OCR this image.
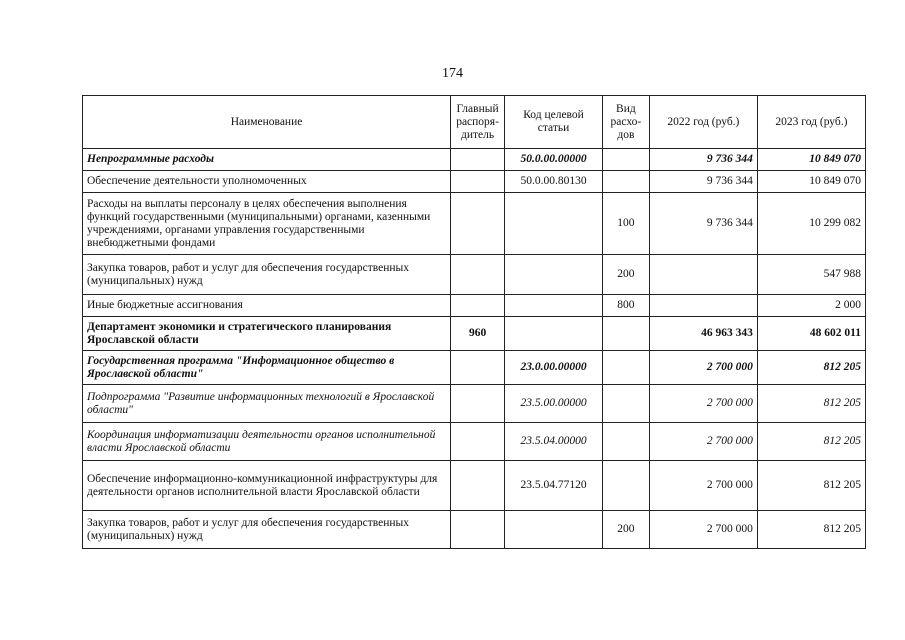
174
Наименование	Главный распоря-дитель	Код целевой статьи	Вид расхо-дов	2022 год (руб.)	2023 год (руб.)
Непрограммные расходы		50.0.00.00000		9 736 344	10 849 070
Обеспечение деятельности уполномоченных		50.0.00.80130		9 736 344	10 849 070
Расходы на выплаты персоналу в целях обеспечения выполнения функций государственными (муниципальными) органами, казенными учреждениями, органами управления государственными внебюджетными фондами			100	9 736 344	10 299 082
Закупка товаров, работ и услуг для обеспечения государственных (муниципальных) нужд			200		547 988
Иные бюджетные ассигнования			800		2 000
Департамент экономики и стратегического планирования Ярославской области	960			46 963 343	48 602 011
Государственная программа "Информационное общество в Ярославской области"		23.0.00.00000		2 700 000	812 205
Подпрограмма "Развитие информационных технологий в Ярославской области"		23.5.00.00000		2 700 000	812 205
Координация информатизации деятельности органов исполнительной власти Ярославской области		23.5.04.00000		2 700 000	812 205
Обеспечение информационно-коммуникационной инфраструктуры для деятельности органов исполнительной власти Ярославской области		23.5.04.77120		2 700 000	812 205
Закупка товаров, работ и услуг для обеспечения государственных (муниципальных) нужд			200	2 700 000	812 205
